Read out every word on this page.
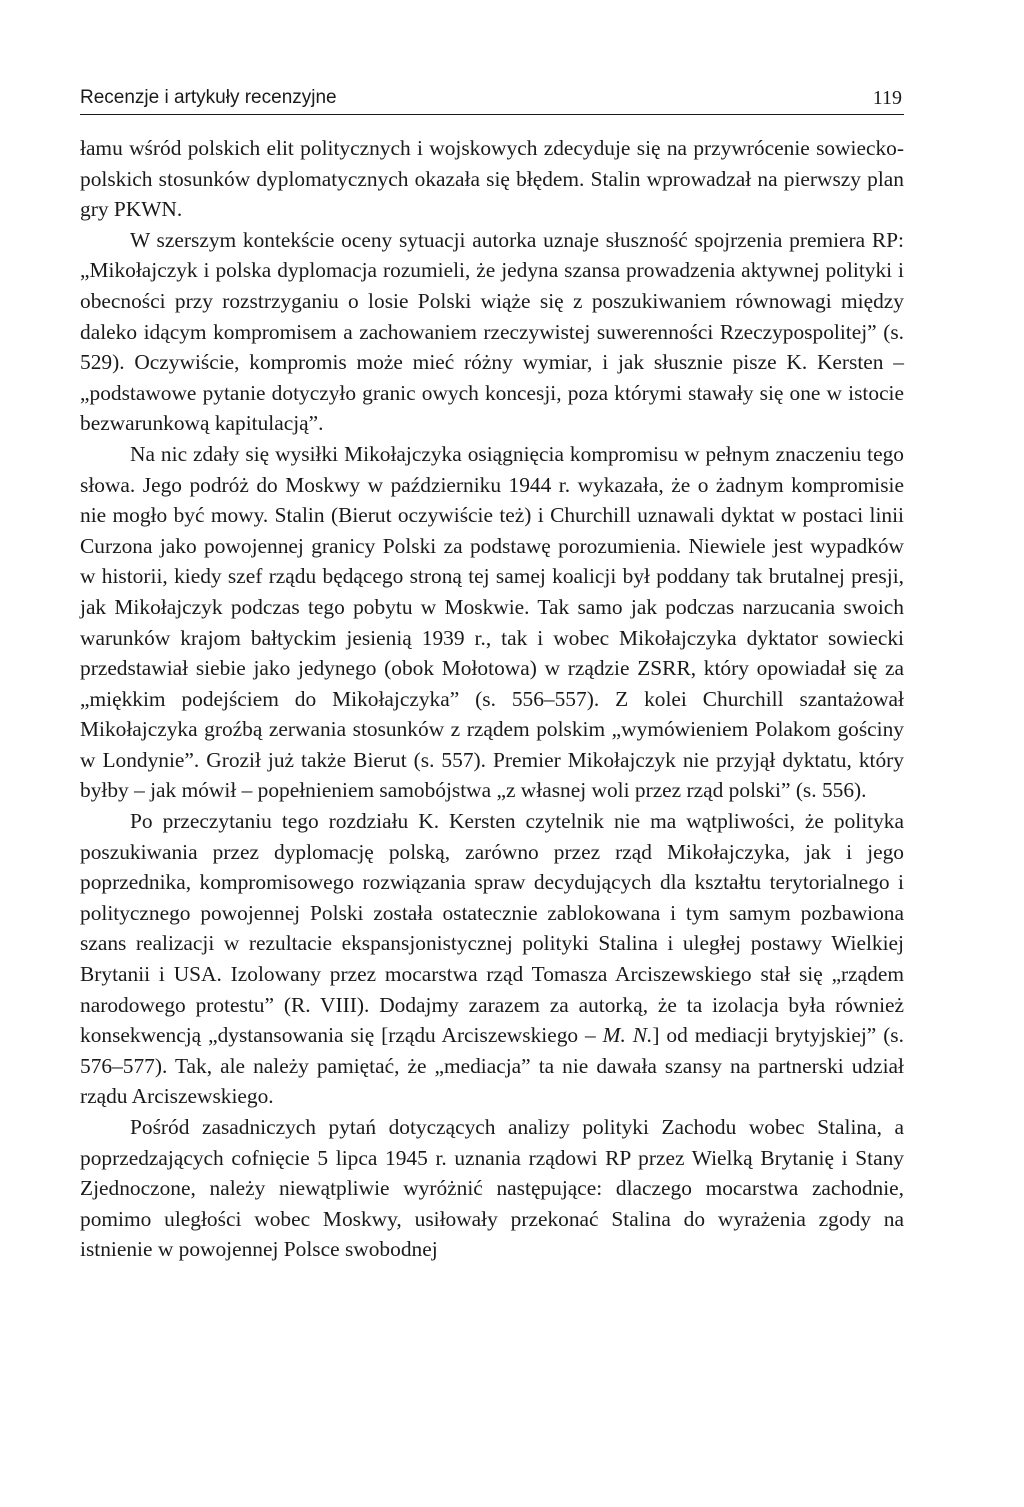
Recenzje i artykuły recenzyjne	119

łamu wśród polskich elit politycznych i wojskowych zdecyduje się na przywrócenie sowiecko-polskich stosunków dyplomatycznych okazała się błędem. Stalin wprowadzał na pierwszy plan gry PKWN.

W szerszym kontekście oceny sytuacji autorka uznaje słuszność spojrzenia premiera RP: „Mikołajczyk i polska dyplomacja rozumieli, że jedyna szansa prowadzenia aktywnej polityki i obecności przy rozstrzyganiu o losie Polski wiąże się z poszukiwaniem równowagi między daleko idącym kompromisem a zachowaniem rzeczywistej suwerenności Rzeczypospolitej” (s. 529). Oczywiście, kompromis może mieć różny wymiar, i jak słusznie pisze K. Kersten – „podstawowe pytanie dotyczyło granic owych koncesji, poza którymi stawały się one w istocie bezwarunkową kapitulacją”.

Na nic zdały się wysiłki Mikołajczyka osiągnięcia kompromisu w pełnym znaczeniu tego słowa. Jego podróż do Moskwy w październiku 1944 r. wykazała, że o żadnym kompromisie nie mogło być mowy. Stalin (Bierut oczywiście też) i Churchill uznawali dyktat w postaci linii Curzona jako powojennej granicy Polski za podstawę porozumienia. Niewiele jest wypadków w historii, kiedy szef rządu będącego stroną tej samej koalicji był poddany tak brutalnej presji, jak Mikołajczyk podczas tego pobytu w Moskwie. Tak samo jak podczas narzucania swoich warunków krajom bałtyckim jesienią 1939 r., tak i wobec Mikołajczyka dyktator sowiecki przedstawiał siebie jako jedynego (obok Mołotowa) w rządzie ZSRR, który opowiadał się za „miękkim podejściem do Mikołajczyka” (s. 556–557). Z kolei Churchill szantażował Mikołajczyka groźbą zerwania stosunków z rządem polskim „wymówieniem Polakom gościny w Londynie”. Groził już także Bierut (s. 557). Premier Mikołajczyk nie przyjął dyktatu, który byłby – jak mówił – popełnieniem samobójstwa „z własnej woli przez rząd polski” (s. 556).

Po przeczytaniu tego rozdziału K. Kersten czytelnik nie ma wątpliwości, że polityka poszukiwania przez dyplomację polską, zarówno przez rząd Mikołajczyka, jak i jego poprzednika, kompromisowego rozwiązania spraw decydujących dla kształtu terytorialnego i politycznego powojennej Polski została ostatecznie zablokowana i tym samym pozbawiona szans realizacji w rezultacie ekspansjonistycznej polityki Stalina i uległej postawy Wielkiej Brytanii i USA. Izolowany przez mocarstwa rząd Tomasza Arciszewskiego stał się „rządem narodowego protestu” (R. VIII). Dodajmy zarazem za autorką, że ta izolacja była również konsekwencją „dystansowania się [rządu Arciszewskiego – M. N.] od mediacji brytyjskiej” (s. 576–577). Tak, ale należy pamiętać, że „mediacja” ta nie dawała szansy na partnerski udział rządu Arciszewskiego.

Pośród zasadniczych pytań dotyczących analizy polityki Zachodu wobec Stalina, a poprzedzających cofnięcie 5 lipca 1945 r. uznania rządowi RP przez Wielką Brytanię i Stany Zjednoczone, należy niewątpliwie wyróżnić następujące: dlaczego mocarstwa zachodnie, pomimo uległości wobec Moskwy, usiłowały przekonać Stalina do wyrażenia zgody na istnienie w powojennej Polsce swobodnej
